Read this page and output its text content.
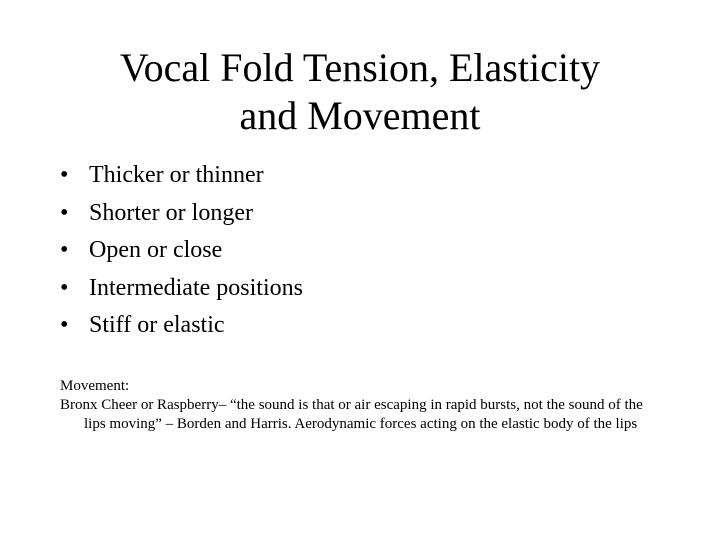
Vocal Fold Tension, Elasticity
and Movement
• Thicker or thinner
• Shorter or longer
• Open or close
• Intermediate positions
• Stiff or elastic

Movement:

Bronx Cheer or Raspberry– “the sound is that or air escaping in rapid bursts, not the sound of the lips moving” – Borden and Harris. Aerodynamic forces acting on the elastic body of the lips
